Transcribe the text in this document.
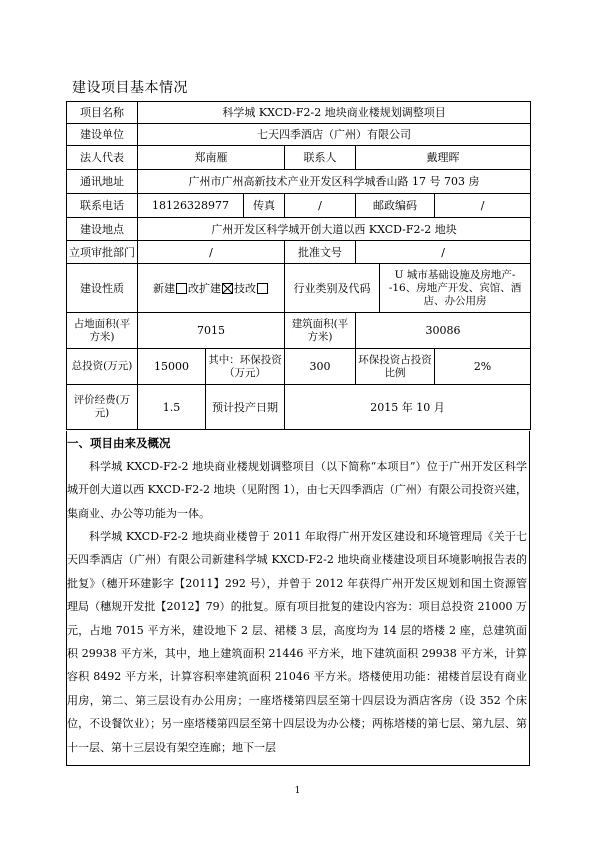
建设项目基本情况
项目名称	科学城 KXCD-F2-2 地块商业楼规划调整项目						
建设单位	七天四季酒店（广州）有限公司						
法人代表	郑南雁			联系人	戴理晖		
通讯地址	广州市广州高新技术产业开发区科学城香山路 17 号 703 房						
联系电话	18126328977		传真	/	邮政编码		/
建设地点	广州开发区科学城开创大道以西 KXCD-F2-2 地块						
立项审批部门	/			批准文号	/		
建设性质	新建 改扩建 技改			行业类别及代码		U 城市基础设施及房地产--16、房地产开发、宾馆、酒店、办公用房	
占地面积(平方米)	7015			建筑面积(平方米)	30086		
总投资(万元)	15000	其中：环保投资（万元）		300	环保投资占投资比例		2%
评价经费(万元)	1.5	预计投产日期		2015 年 10 月			
一、项目由来及概况
科学城 KXCD-F2-2 地块商业楼规划调整项目（以下简称“本项目”）位于广州开发区科学城开创大道以西 KXCD-F2-2 地块（见附图 1），由七天四季酒店（广州）有限公司投资兴建，集商业、办公等功能为一体。
科学城 KXCD-F2-2 地块商业楼曾于 2011 年取得广州开发区建设和环境管理局《关于七天四季酒店（广州）有限公司新建科学城 KXCD-F2-2 地块商业楼建设项目环境影响报告表的批复》（穗开环建影字【2011】292 号），并曾于 2012 年获得广州开发区规划和国土资源管理局（穗规开发批【2012】79）的批复。原有项目批复的建设内容为：项目总投资 21000 万元，占地 7015 平方米，建设地下 2 层、裙楼 3 层，高度均为 14 层的塔楼 2 座，总建筑面积 29938 平方米，其中，地上建筑面积 21446 平方米，地下建筑面积 29938 平方米，计算容积 8492 平方米，计算容积率建筑面积 21046 平方米。塔楼使用功能：裙楼首层设有商业用房，第二、第三层设有办公用房；一座塔楼第四层至第十四层设为酒店客房（设 352 个床位，不设餐饮业）；另一座塔楼第四层至第十四层设为办公楼；两栋塔楼的第七层、第九层、第十一层、第十三层设有架空连廊；地下一层
1
